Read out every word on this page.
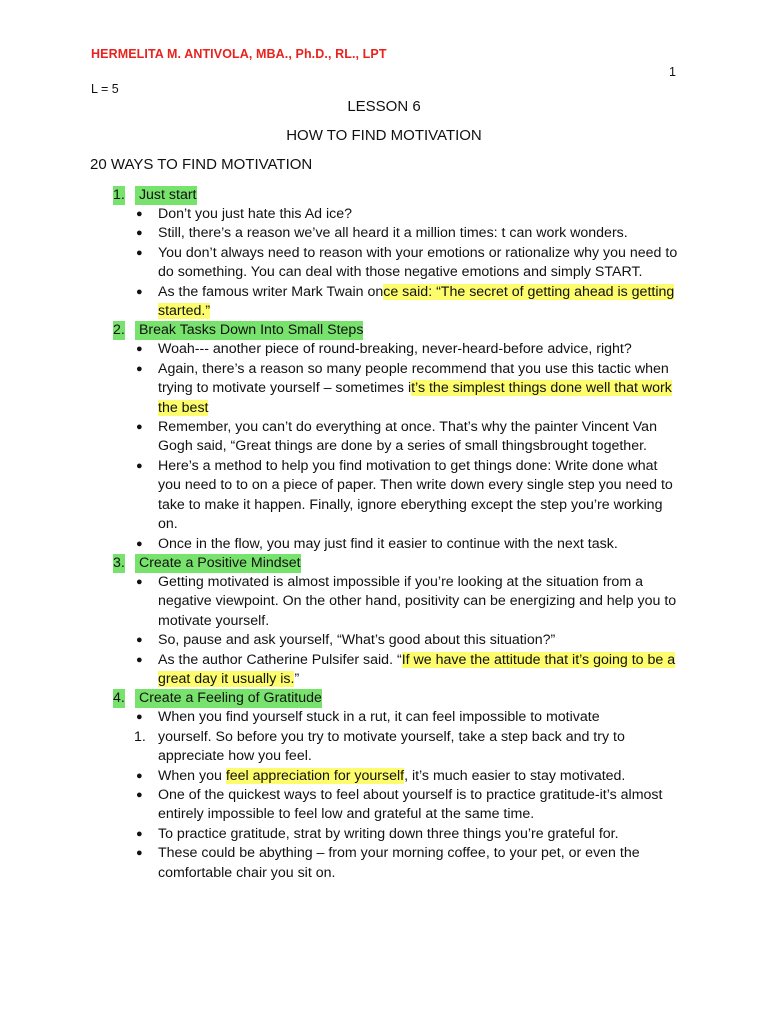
HERMELITA M. ANTIVOLA, MBA., Ph.D., RL., LPT
1
L = 5
LESSON 6
HOW TO FIND MOTIVATION
20 WAYS TO FIND MOTIVATION
1. Just start
● Don’t you just hate this Ad ice?
● Still, there’s a reason we’ve all heard it a million times: t can work wonders.
● You don’t always need to reason with your emotions or rationalize why you need to do something. You can deal with those negative emotions and simply START.
● As the famous writer Mark Twain once said: “The secret of getting ahead is getting started.”
2. Break Tasks Down Into Small Steps
● Woah--- another piece of round-breaking, never-heard-before advice, right?
● Again, there’s a reason so many people recommend that you use this tactic when trying to motivate yourself – sometimes it’s the simplest things done well that work the best
● Remember, you can’t do everything at once. That’s why the painter Vincent Van Gogh said, “Great things are done by a series of small thingsbrought together.
● Here’s a method to help you find motivation to get things done: Write done what you need to to on a piece of paper. Then write down every single step you need to take to make it happen. Finally, ignore eberything except the step you’re working on.
● Once in the flow, you may just find it easier to continue with the next task.
3. Create a Positive Mindset
● Getting motivated is almost impossible if you’re looking at the situation from a negative viewpoint. On the other hand, positivity can be energizing and help you to motivate yourself.
● So, pause and ask yourself, “What’s good about this situation?”
● As the author Catherine Pulsifer said. “If we have the attitude that it’s going to be a great day it usually is.”
4. Create a Feeling of Gratitude
● When you find yourself stuck in a rut, it can feel impossible to motivate
1. yourself. So before you try to motivate yourself, take a step back and try to appreciate how you feel.
● When you feel appreciation for yourself, it’s much easier to stay motivated.
● One of the quickest ways to feel about yourself is to practice gratitude-it’s almost entirely impossible to feel low and grateful at the same time.
● To practice gratitude, strat by writing down three things you’re grateful for.
● These could be abything – from your morning coffee, to your pet, or even the comfortable chair you sit on.
